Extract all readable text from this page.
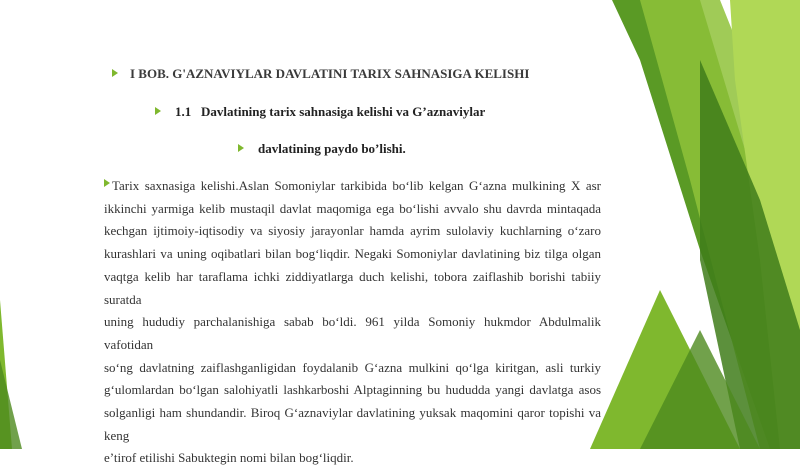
I BOB. G'AZNAVIYLAR DAVLATINI TARIX SAHNASIGA KELISHI
1.1 Davlatining tarix sahnasiga kelishi va G’aznaviylar
davlatining paydo bo’lishi.
Tarix saxnasiga kelishi.Aslan Somoniylar tarkibida bo‘lib kelgan G‘azna mulkining X asr
ikkinchi yarmiga kelib mustaqil davlat maqomiga ega bo‘lishi avvalo shu davrda mintaqada
kechgan ijtimoiy-iqtisodiy va siyosiy jarayonlar hamda ayrim sulolaviy kuchlarning o‘zaro
kurashlari va uning oqibatlari bilan bog‘liqdir. Negaki Somoniylar davlatining biz tilga olgan
vaqtga kelib har taraflama ichki ziddiyatlarga duch kelishi, tobora zaiflashib borishi tabiiy suratda
uning hududiy parchalanishiga sabab bo‘ldi. 961 yilda Somoniy hukmdor Abdulmalik vafotidan
so‘ng davlatning zaiflashganligidan foydalanib G‘azna mulkini qo‘lga kiritgan, asli turkiy
g‘ulomlardan bo‘lgan salohiyatli lashkarboshi Alptaginning bu hududda yangi davlatga asos
solganligi ham shundandir. Biroq G‘aznaviylar davlatining yuksak maqomini qaror topishi va keng
e’tirof etilishi Sabuktegin nomi bilan bog‘liqdir.
